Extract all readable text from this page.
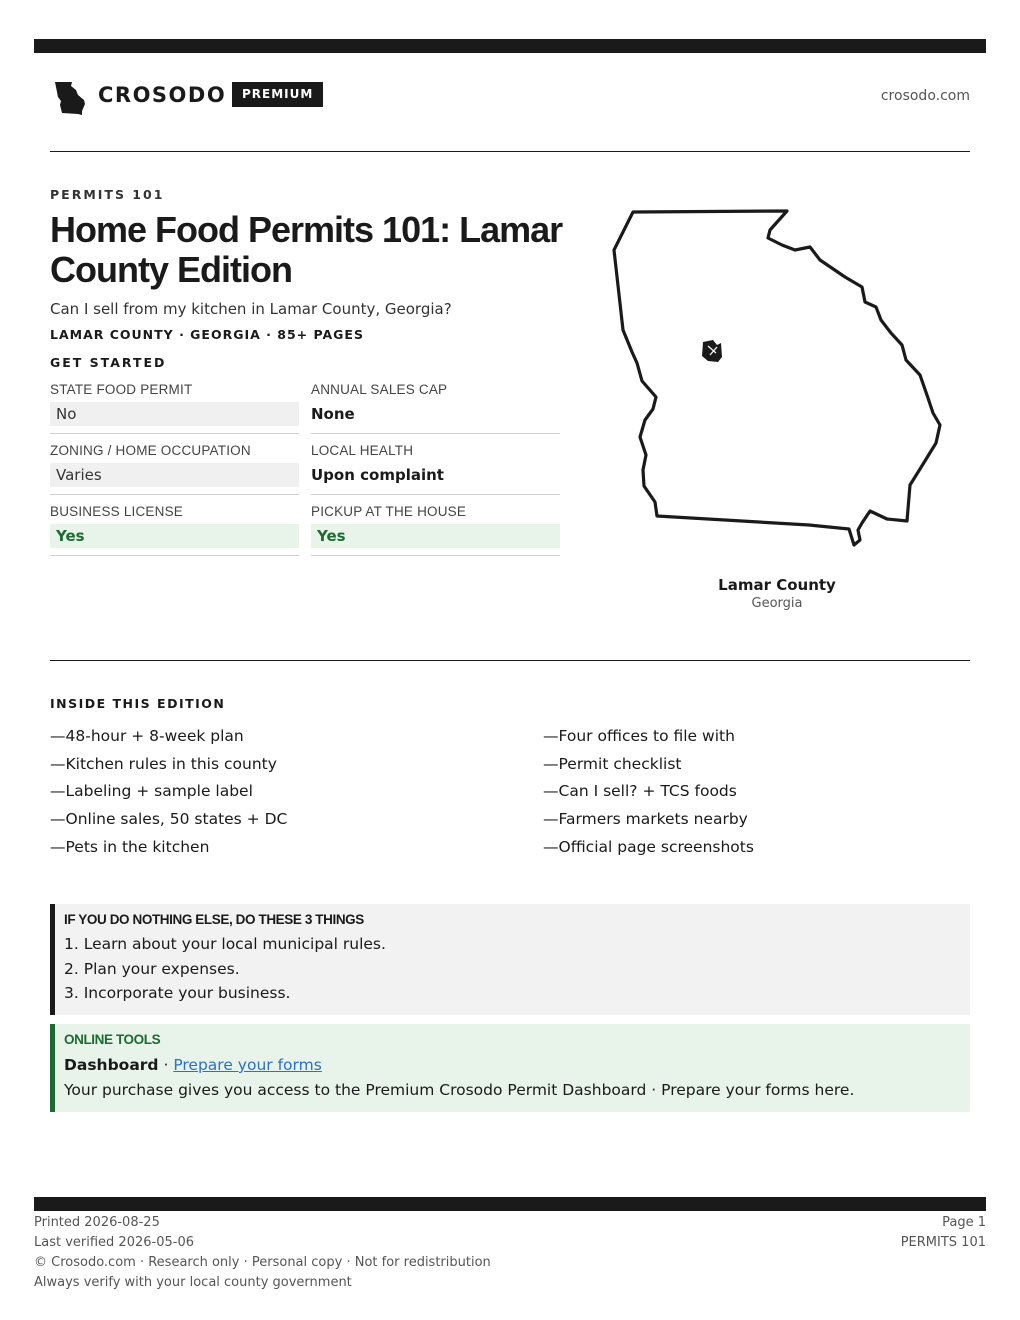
CROSODO	PREMIUM	crosodo.com
PERMITS 101
Home Food Permits 101: Lamar County Edition
Can I sell from my kitchen in Lamar County, Georgia?
LAMAR COUNTY · GEORGIA · 85+ PAGES
GET STARTED
STATE FOOD PERMIT
No
ANNUAL SALES CAP
None
ZONING / HOME OCCUPATION
Varies
LOCAL HEALTH
Upon complaint
BUSINESS LICENSE
Yes
PICKUP AT THE HOUSE
Yes
Lamar County
Georgia
INSIDE THIS EDITION
—48-hour + 8-week plan
—Kitchen rules in this county
—Labeling + sample label
—Online sales, 50 states + DC
—Pets in the kitchen
—Four offices to file with
—Permit checklist
—Can I sell? + TCS foods
—Farmers markets nearby
—Official page screenshots
IF YOU DO NOTHING ELSE, DO THESE 3 THINGS
1. Learn about your local municipal rules.
2. Plan your expenses.
3. Incorporate your business.
ONLINE TOOLS
Dashboard · Prepare your forms
Your purchase gives you access to the Premium Crosodo Permit Dashboard · Prepare your forms here.
Printed 2026-08-25
Last verified 2026-05-06
© Crosodo.com · Research only · Personal copy · Not for redistribution
Always verify with your local county government
Page 1
PERMITS 101
